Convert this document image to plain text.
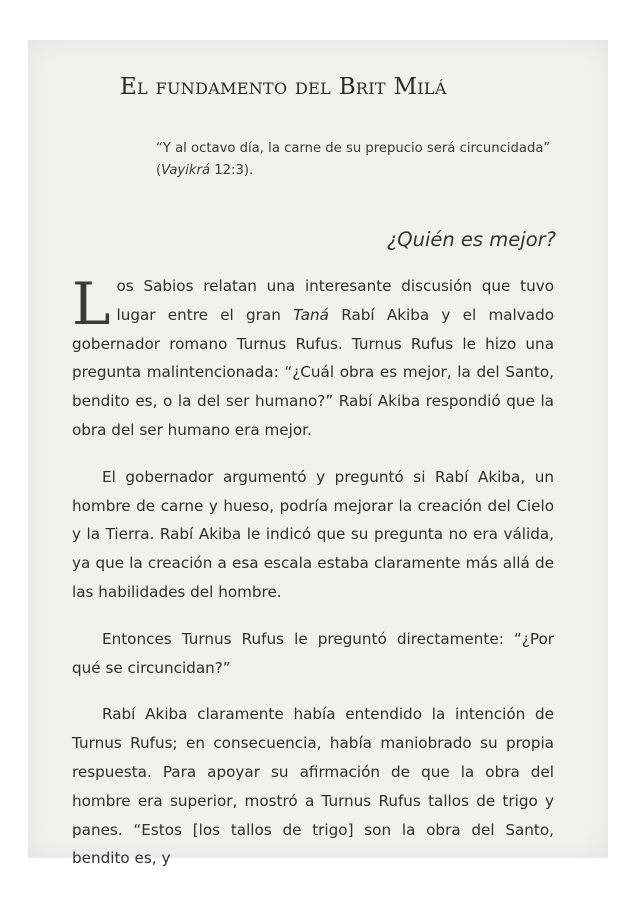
El fundamento del Brit Milá

“Y al octavo día, la carne de su prepucio será circuncidada” (Vayikrá 12:3).

¿Quién es mejor?

Los Sabios relatan una interesante discusión que tuvo lugar entre el gran Taná Rabí Akiba y el malvado gobernador romano Turnus Rufus. Turnus Rufus le hizo una pregunta malintencionada: “¿Cuál obra es mejor, la del Santo, bendito es, o la del ser humano?” Rabí Akiba respondió que la obra del ser humano era mejor.

El gobernador argumentó y preguntó si Rabí Akiba, un hombre de carne y hueso, podría mejorar la creación del Cielo y la Tierra. Rabí Akiba le indicó que su pregunta no era válida, ya que la creación a esa escala estaba claramente más allá de las habilidades del hombre.

Entonces Turnus Rufus le preguntó directamente: “¿Por qué se circuncidan?”

Rabí Akiba claramente había entendido la intención de Turnus Rufus; en consecuencia, había maniobrado su propia respuesta. Para apoyar su afirmación de que la obra del hombre era superior, mostró a Turnus Rufus tallos de trigo y panes. “Estos [los tallos de trigo] son la obra del Santo, bendito es, y
